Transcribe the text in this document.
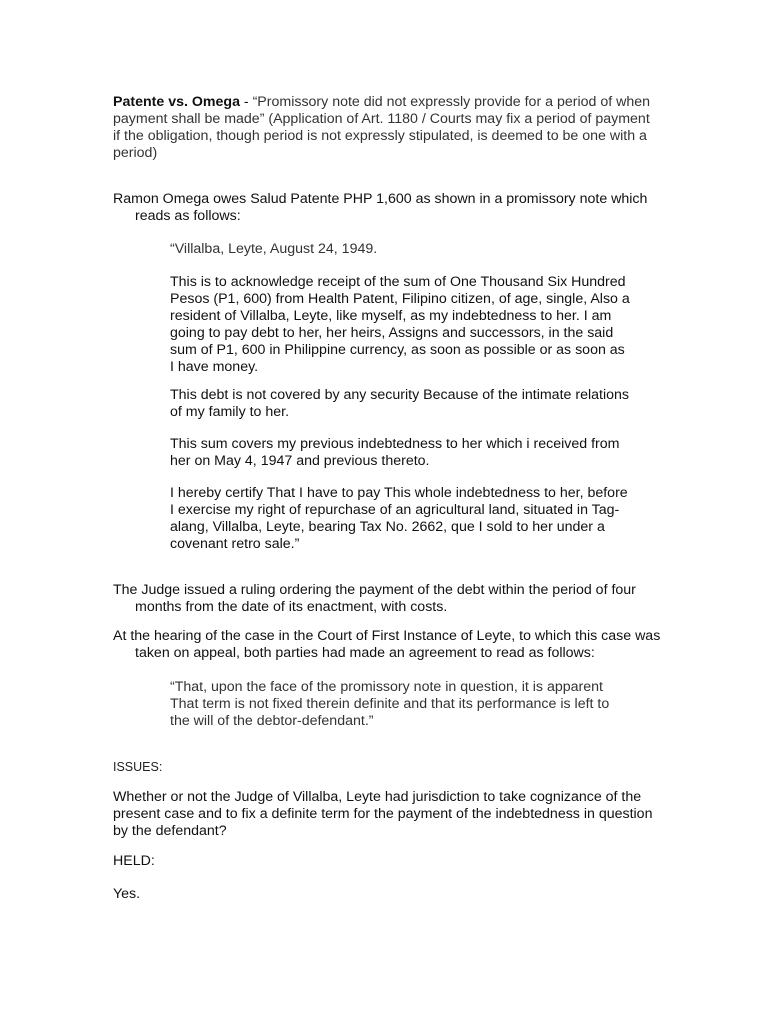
Patente vs. Omega - “Promissory note did not expressly provide for a period of when payment shall be made” (Application of Art. 1180 / Courts may fix a period of payment if the obligation, though period is not expressly stipulated, is deemed to be one with a period)

Ramon Omega owes Salud Patente PHP 1,600 as shown in a promissory note which reads as follows:

“Villalba, Leyte, August 24, 1949.

This is to acknowledge receipt of the sum of One Thousand Six Hundred Pesos (P1, 600) from Health Patent, Filipino citizen, of age, single, Also a resident of Villalba, Leyte, like myself, as my indebtedness to her. I am going to pay debt to her, her heirs, Assigns and successors, in the said sum of P1, 600 in Philippine currency, as soon as possible or as soon as I have money.

This debt is not covered by any security Because of the intimate relations of my family to her.

This sum covers my previous indebtedness to her which i received from her on May 4, 1947 and previous thereto.

I hereby certify That I have to pay This whole indebtedness to her, before I exercise my right of repurchase of an agricultural land, situated in Tag-alang, Villalba, Leyte, bearing Tax No. 2662, que I sold to her under a covenant retro sale.”

The Judge issued a ruling ordering the payment of the debt within the period of four months from the date of its enactment, with costs.

At the hearing of the case in the Court of First Instance of Leyte, to which this case was taken on appeal, both parties had made an agreement to read as follows:

“That, upon the face of the promissory note in question, it is apparent That term is not fixed therein definite and that its performance is left to the will of the debtor-defendant.”

ISSUES:

Whether or not the Judge of Villalba, Leyte had jurisdiction to take cognizance of the present case and to fix a definite term for the payment of the indebtedness in question by the defendant?

HELD:

Yes.
